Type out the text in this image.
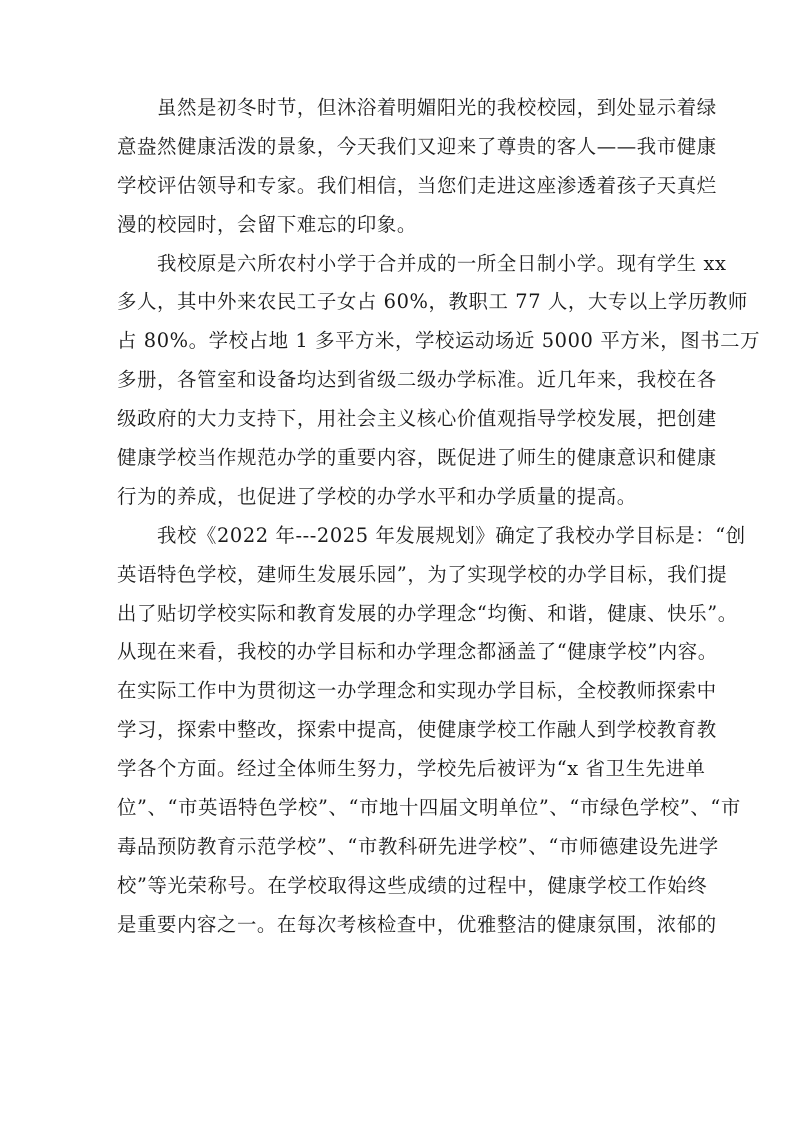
虽然是初冬时节，但沐浴着明媚阳光的我校校园，到处显示着绿
意盎然健康活泼的景象，今天我们又迎来了尊贵的客人——我市健康
学校评估领导和专家。我们相信，当您们走进这座渗透着孩子天真烂
漫的校园时，会留下难忘的印象。
我校原是六所农村小学于合并成的一所全日制小学。现有学生 xx
多人，其中外来农民工子女占 60%，教职工 77 人，大专以上学历教师
占 80%。学校占地 1 多平方米，学校运动场近 5000 平方米，图书二万
多册，各管室和设备均达到省级二级办学标准。近几年来，我校在各
级政府的大力支持下，用社会主义核心价值观指导学校发展，把创建
健康学校当作规范办学的重要内容，既促进了师生的健康意识和健康
行为的养成，也促进了学校的办学水平和办学质量的提高。
我校《2022 年---2025 年发展规划》确定了我校办学目标是：“创
英语特色学校，建师生发展乐园”，为了实现学校的办学目标，我们提
出了贴切学校实际和教育发展的办学理念“均衡、和谐，健康、快乐”。
从现在来看，我校的办学目标和办学理念都涵盖了“健康学校”内容。
在实际工作中为贯彻这一办学理念和实现办学目标，全校教师探索中
学习，探索中整改，探索中提高，使健康学校工作融人到学校教育教
学各个方面。经过全体师生努力，学校先后被评为“x 省卫生先进单
位”、“市英语特色学校”、“市地十四届文明单位”、“市绿色学校”、“市
毒品预防教育示范学校”、“市教科研先进学校”、“市师德建设先进学
校”等光荣称号。在学校取得这些成绩的过程中，健康学校工作始终
是重要内容之一。在每次考核检查中，优雅整洁的健康氛围，浓郁的
